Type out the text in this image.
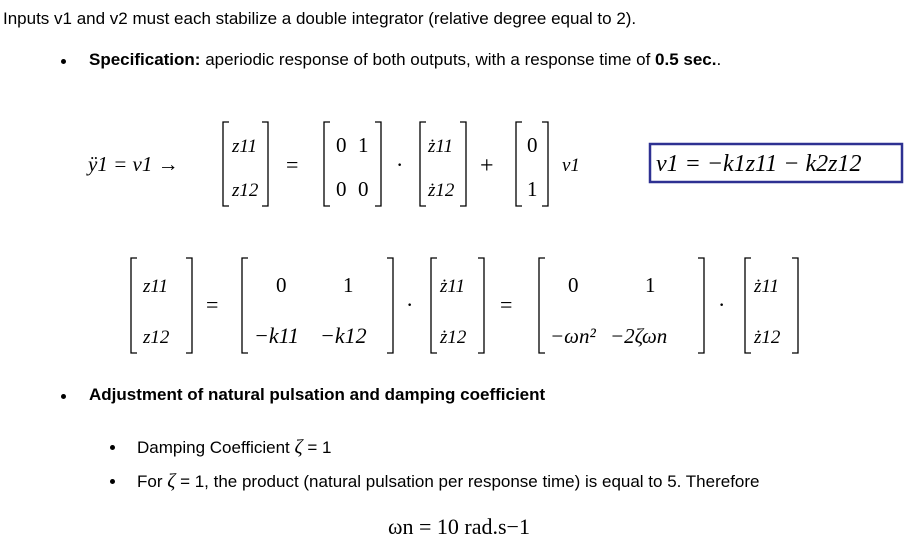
Inputs v1 and v2 must each stabilize a double integrator (relative degree equal to 2).
Specification: aperiodic response of both outputs, with a response time of 0.5 sec..
ÿ1 = v1 →
z11
z12
=
0 1
0 0
·
ż11
ż12
+
0
1
v1	v1 = −k1z11 − k2z12
z11
z12
=
0	1
−k11 −k12
·
ż11
ż12
=
0	1
−ωn² −2ζωn
·
ż11
ż12
Adjustment of natural pulsation and damping coefficient
Damping Coefficient ζ = 1
For ζ = 1, the product (natural pulsation per response time) is equal to 5. Therefore
ωn = 10 rad.s−1
